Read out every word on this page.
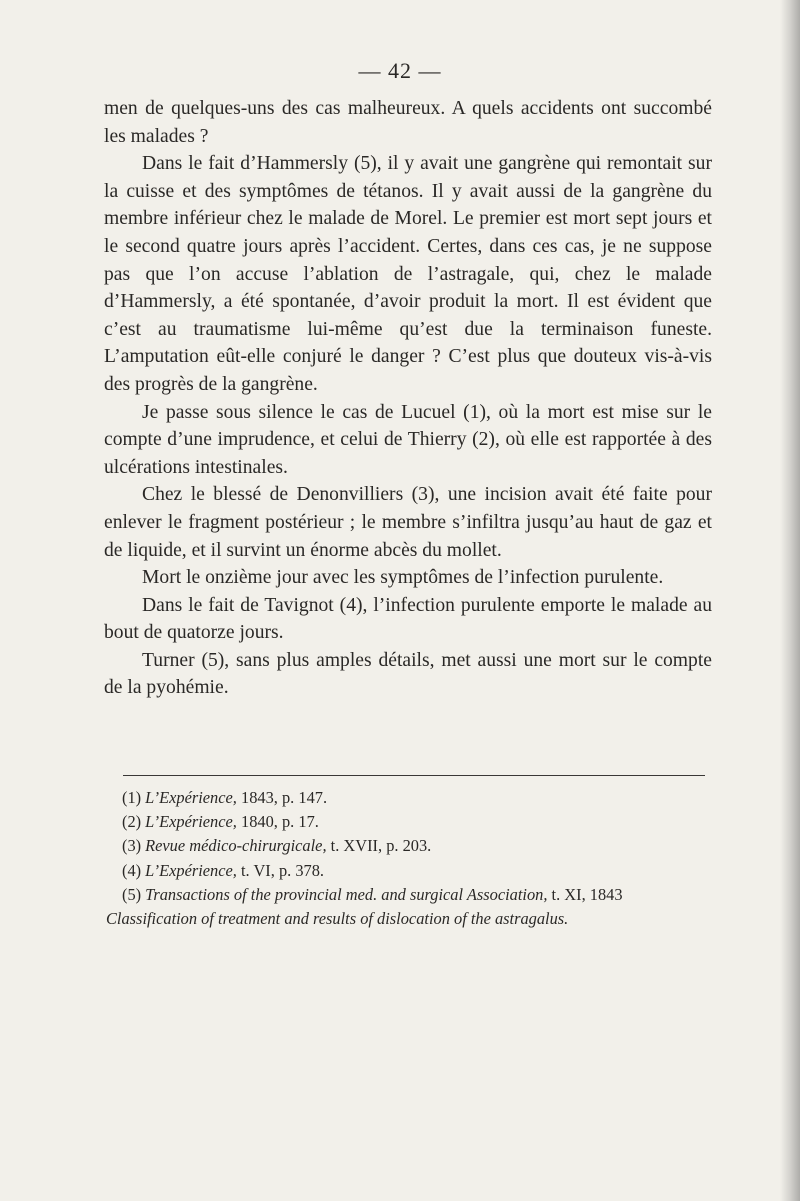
— 42 —

men de quelques-uns des cas malheureux. A quels accidents ont succombé les malades ?

Dans le fait d’Hammersly (5), il y avait une gangrène qui remontait sur la cuisse et des symptômes de tétanos. Il y avait aussi de la gangrène du membre inférieur chez le malade de Morel. Le premier est mort sept jours et le second quatre jours après l’accident. Certes, dans ces cas, je ne suppose pas que l’on accuse l’ablation de l’astragale, qui, chez le malade d’Hammersly, a été spontanée, d’avoir produit la mort. Il est évident que c’est au traumatisme lui-même qu’est due la terminaison funeste. L’amputation eût-elle conjuré le danger ? C’est plus que douteux vis-à-vis des progrès de la gangrène.

Je passe sous silence le cas de Lucuel (1), où la mort est mise sur le compte d’une imprudence, et celui de Thierry (2), où elle est rapportée à des ulcérations intestinales.

Chez le blessé de Denonvilliers (3), une incision avait été faite pour enlever le fragment postérieur ; le membre s’infiltra jusqu’au haut de gaz et de liquide, et il survint un énorme abcès du mollet.

Mort le onzième jour avec les symptômes de l’infection purulente.

Dans le fait de Tavignot (4), l’infection purulente emporte le malade au bout de quatorze jours.

Turner (5), sans plus amples détails, met aussi une mort sur le compte de la pyohémie.

(1) L’Expérience, 1843, p. 147.

(2) L’Expérience, 1840, p. 17.

(3) Revue médico-chirurgicale, t. XVII, p. 203.

(4) L’Expérience, t. VI, p. 378.

(5) Transactions of the provincial med. and surgical Association, t. XI, 1843

Classification of treatment and results of dislocation of the astragalus.
